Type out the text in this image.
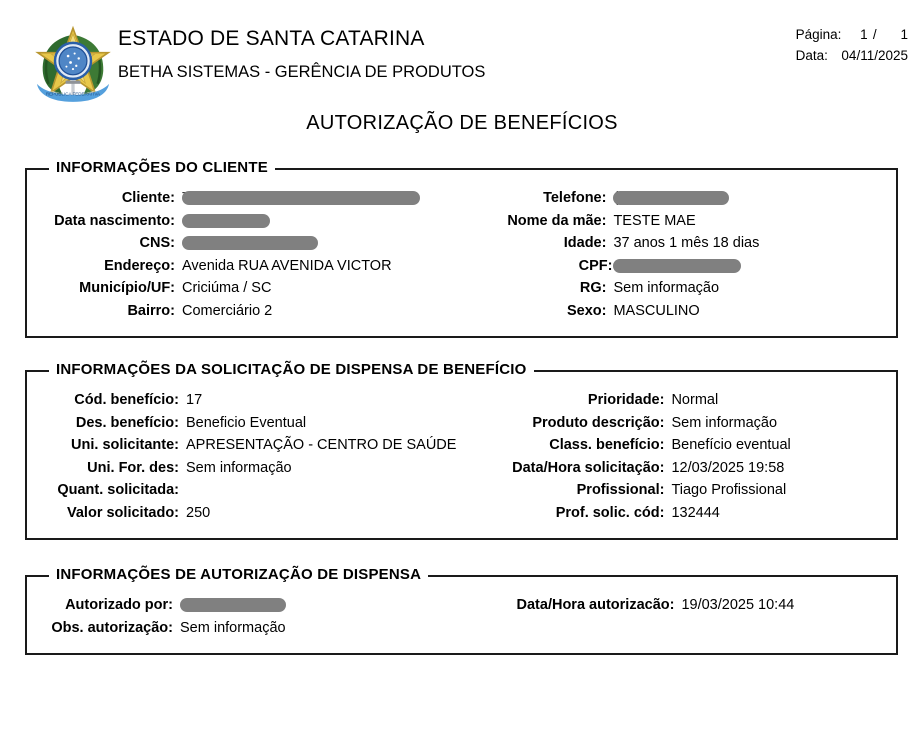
REPUBLICA FEDERATIVA
ESTADO DE SANTA CATARINA
BETHA SISTEMAS - GERÊNCIA DE PRODUTOS
Página:	1	/	1
Data:	04/11/2025		
AUTORIZAÇÃO DE BENEFÍCIOS
INFORMAÇÕES DO CLIENTE
Cliente:	

Data nascimento:	
CNS:	
Endereço:	Avenida RUA AVENIDA VICTOR
Município/UF:	Criciúma / SC
Bairro:	Comerciário 2
Telefone:	

Nome da mãe:	TESTE MAE
Idade:	37 anos 1 mês 18 dias
CPF:	
RG:	Sem informação
Sexo:	MASCULINO
INFORMAÇÕES DA SOLICITAÇÃO DE DISPENSA DE BENEFÍCIO
Cód. benefício:	17
Des. benefício:	Beneficio Eventual
Uni. solicitante:	APRESENTAÇÃO - CENTRO DE SAÚDE
Uni. For. des:	Sem informação
Quant. solicitada:	
Valor solicitado:	250
Prioridade:	Normal
Produto descrição:	Sem informação
Class. benefício:	Benefício eventual
Data/Hora solicitação:	12/03/2025 19:58
Profissional:	Tiago Profissional
Prof. solic. cód:	132444
INFORMAÇÕES DE AUTORIZAÇÃO DE DISPENSA
Autorizado por:	
Obs. autorização:	Sem informação
Data/Hora autorizacão:	19/03/2025 10:44
